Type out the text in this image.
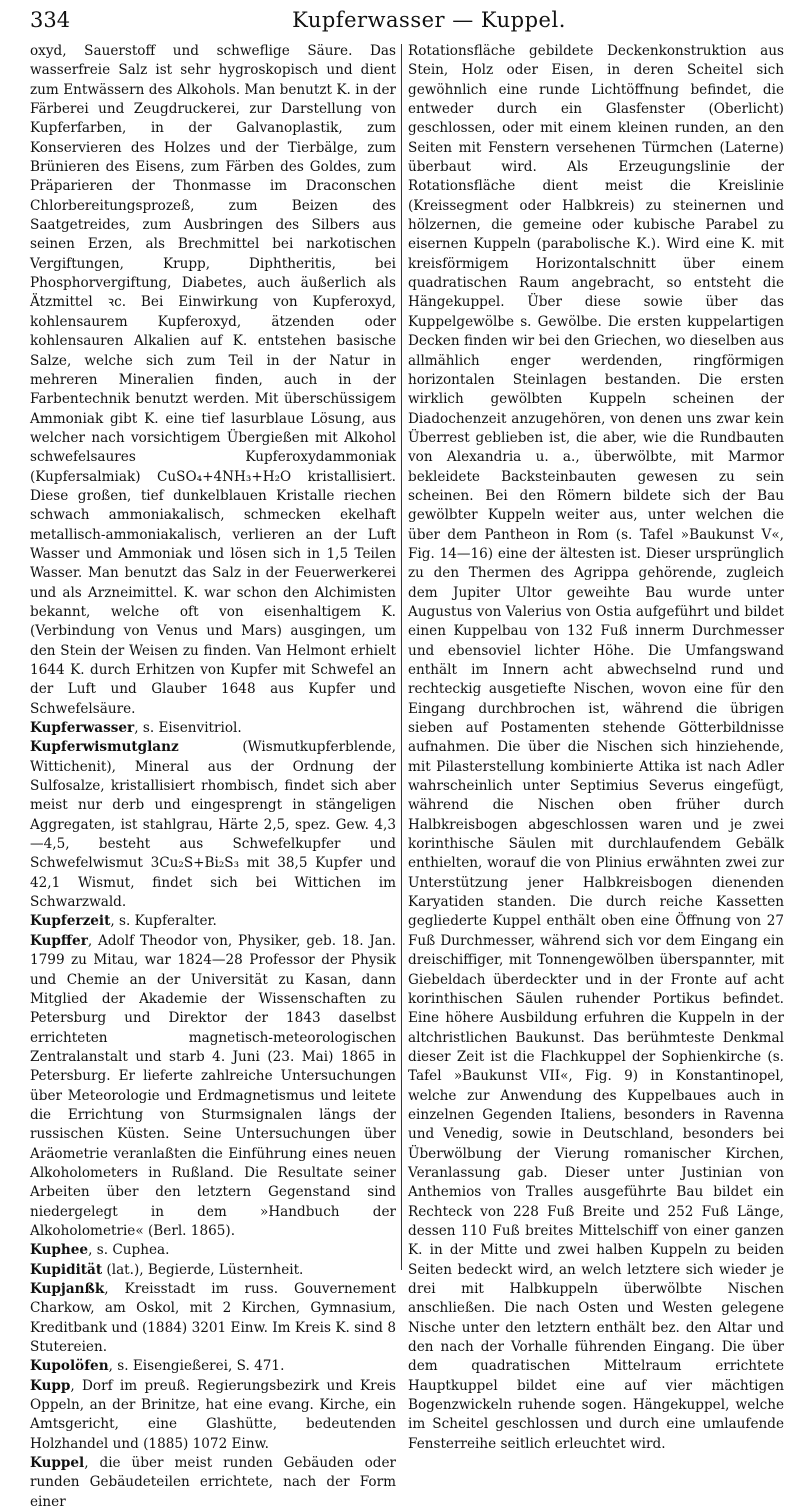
334	Kupferwasser — Kuppel.

oxyd, Sauerstoff und schweflige Säure. Das wasserfreie Salz ist sehr hygroskopisch und dient zum Entwässern des Alkohols. Man benutzt K. in der Färberei und Zeugdruckerei, zur Darstellung von Kupferfarben, in der Galvanoplastik, zum Konservieren des Holzes und der Tierbälge, zum Brünieren des Eisens, zum Färben des Goldes, zum Präparieren der Thonmasse im Draconschen Chlorbereitungsprozeß, zum Beizen des Saatgetreides, zum Ausbringen des Silbers aus seinen Erzen, als Brechmittel bei narkotischen Vergiftungen, Krupp, Diphtheritis, bei Phosphorvergiftung, Diabetes, auch äußerlich als Ätzmittel ꝛc. Bei Einwirkung von Kupferoxyd, kohlensaurem Kupferoxyd, ätzenden oder kohlensauren Alkalien auf K. entstehen basische Salze, welche sich zum Teil in der Natur in mehreren Mineralien finden, auch in der Farbentechnik benutzt werden. Mit überschüssigem Ammoniak gibt K. eine tief lasurblaue Lösung, aus welcher nach vorsichtigem Übergießen mit Alkohol schwefelsaures Kupferoxydammoniak (Kupfersalmiak) CuSO₄+4NH₃+H₂O kristallisiert. Diese großen, tief dunkelblauen Kristalle riechen schwach ammoniakalisch, schmecken ekelhaft metallisch-ammoniakalisch, verlieren an der Luft Wasser und Ammoniak und lösen sich in 1,5 Teilen Wasser. Man benutzt das Salz in der Feuerwerkerei und als Arzneimittel. K. war schon den Alchimisten bekannt, welche oft von eisenhaltigem K. (Verbindung von Venus und Mars) ausgingen, um den Stein der Weisen zu finden. Van Helmont erhielt 1644 K. durch Erhitzen von Kupfer mit Schwefel an der Luft und Glauber 1648 aus Kupfer und Schwefelsäure.

Kupferwasser, s. Eisenvitriol.

Kupferwismutglanz (Wismutkupferblende, Wittichenit), Mineral aus der Ordnung der Sulfosalze, kristallisiert rhombisch, findet sich aber meist nur derb und eingesprengt in stängeligen Aggregaten, ist stahlgrau, Härte 2,5, spez. Gew. 4,3—4,5, besteht aus Schwefelkupfer und Schwefelwismut 3Cu₂S+Bi₂S₃ mit 38,5 Kupfer und 42,1 Wismut, findet sich bei Wittichen im Schwarzwald.

Kupferzeit, s. Kupferalter.

Kupffer, Adolf Theodor von, Physiker, geb. 18. Jan. 1799 zu Mitau, war 1824—28 Professor der Physik und Chemie an der Universität zu Kasan, dann Mitglied der Akademie der Wissenschaften zu Petersburg und Direktor der 1843 daselbst errichteten magnetisch-meteorologischen Zentralanstalt und starb 4. Juni (23. Mai) 1865 in Petersburg. Er lieferte zahlreiche Untersuchungen über Meteorologie und Erdmagnetismus und leitete die Errichtung von Sturmsignalen längs der russischen Küsten. Seine Untersuchungen über Aräometrie veranlaßten die Einführung eines neuen Alkoholometers in Rußland. Die Resultate seiner Arbeiten über den letztern Gegenstand sind niedergelegt in dem »Handbuch der Alkoholometrie« (Berl. 1865).

Kuphee, s. Cuphea.

Kupidität (lat.), Begierde, Lüsternheit.

Kupjanßk, Kreisstadt im russ. Gouvernement Charkow, am Oskol, mit 2 Kirchen, Gymnasium, Kreditbank und (1884) 3201 Einw. Im Kreis K. sind 8 Stutereien.

Kupolöfen, s. Eisengießerei, S. 471.

Kupp, Dorf im preuß. Regierungsbezirk und Kreis Oppeln, an der Brinitze, hat eine evang. Kirche, ein Amtsgericht, eine Glashütte, bedeutenden Holzhandel und (1885) 1072 Einw.

Kuppel, die über meist runden Gebäuden oder runden Gebäudeteilen errichtete, nach der Form einer

Rotationsfläche gebildete Deckenkonstruktion aus Stein, Holz oder Eisen, in deren Scheitel sich gewöhnlich eine runde Lichtöffnung befindet, die entweder durch ein Glasfenster (Oberlicht) geschlossen, oder mit einem kleinen runden, an den Seiten mit Fenstern versehenen Türmchen (Laterne) überbaut wird. Als Erzeugungslinie der Rotationsfläche dient meist die Kreislinie (Kreissegment oder Halbkreis) zu steinernen und hölzernen, die gemeine oder kubische Parabel zu eisernen Kuppeln (parabolische K.). Wird eine K. mit kreisförmigem Horizontalschnitt über einem quadratischen Raum angebracht, so entsteht die Hängekuppel. Über diese sowie über das Kuppelgewölbe s. Gewölbe. Die ersten kuppelartigen Decken finden wir bei den Griechen, wo dieselben aus allmählich enger werdenden, ringförmigen horizontalen Steinlagen bestanden. Die ersten wirklich gewölbten Kuppeln scheinen der Diadochenzeit anzugehören, von denen uns zwar kein Überrest geblieben ist, die aber, wie die Rundbauten von Alexandria u. a., überwölbte, mit Marmor bekleidete Backsteinbauten gewesen zu sein scheinen. Bei den Römern bildete sich der Bau gewölbter Kuppeln weiter aus, unter welchen die über dem Pantheon in Rom (s. Tafel »Baukunst V«, Fig. 14—16) eine der ältesten ist. Dieser ursprünglich zu den Thermen des Agrippa gehörende, zugleich dem Jupiter Ultor geweihte Bau wurde unter Augustus von Valerius von Ostia aufgeführt und bildet einen Kuppelbau von 132 Fuß innerm Durchmesser und ebensoviel lichter Höhe. Die Umfangswand enthält im Innern acht abwechselnd rund und rechteckig ausgetiefte Nischen, wovon eine für den Eingang durchbrochen ist, während die übrigen sieben auf Postamenten stehende Götterbildnisse aufnahmen. Die über die Nischen sich hinziehende, mit Pilasterstellung kombinierte Attika ist nach Adler wahrscheinlich unter Septimius Severus eingefügt, während die Nischen oben früher durch Halbkreisbogen abgeschlossen waren und je zwei korinthische Säulen mit durchlaufendem Gebälk enthielten, worauf die von Plinius erwähnten zwei zur Unterstützung jener Halbkreisbogen dienenden Karyatiden standen. Die durch reiche Kassetten gegliederte Kuppel enthält oben eine Öffnung von 27 Fuß Durchmesser, während sich vor dem Eingang ein dreischiffiger, mit Tonnengewölben überspannter, mit Giebeldach überdeckter und in der Fronte auf acht korinthischen Säulen ruhender Portikus befindet. Eine höhere Ausbildung erfuhren die Kuppeln in der altchristlichen Baukunst. Das berühmteste Denkmal dieser Zeit ist die Flachkuppel der Sophienkirche (s. Tafel »Baukunst VII«, Fig. 9) in Konstantinopel, welche zur Anwendung des Kuppelbaues auch in einzelnen Gegenden Italiens, besonders in Ravenna und Venedig, sowie in Deutschland, besonders bei Überwölbung der Vierung romanischer Kirchen, Veranlassung gab. Dieser unter Justinian von Anthemios von Tralles ausgeführte Bau bildet ein Rechteck von 228 Fuß Breite und 252 Fuß Länge, dessen 110 Fuß breites Mittelschiff von einer ganzen K. in der Mitte und zwei halben Kuppeln zu beiden Seiten bedeckt wird, an welch letztere sich wieder je drei mit Halbkuppeln überwölbte Nischen anschließen. Die nach Osten und Westen gelegene Nische unter den letztern enthält bez. den Altar und den nach der Vorhalle führenden Eingang. Die über dem quadratischen Mittelraum errichtete Hauptkuppel bildet eine auf vier mächtigen Bogenzwickeln ruhende sogen. Hängekuppel, welche im Scheitel geschlossen und durch eine umlaufende Fensterreihe seitlich erleuchtet wird.
